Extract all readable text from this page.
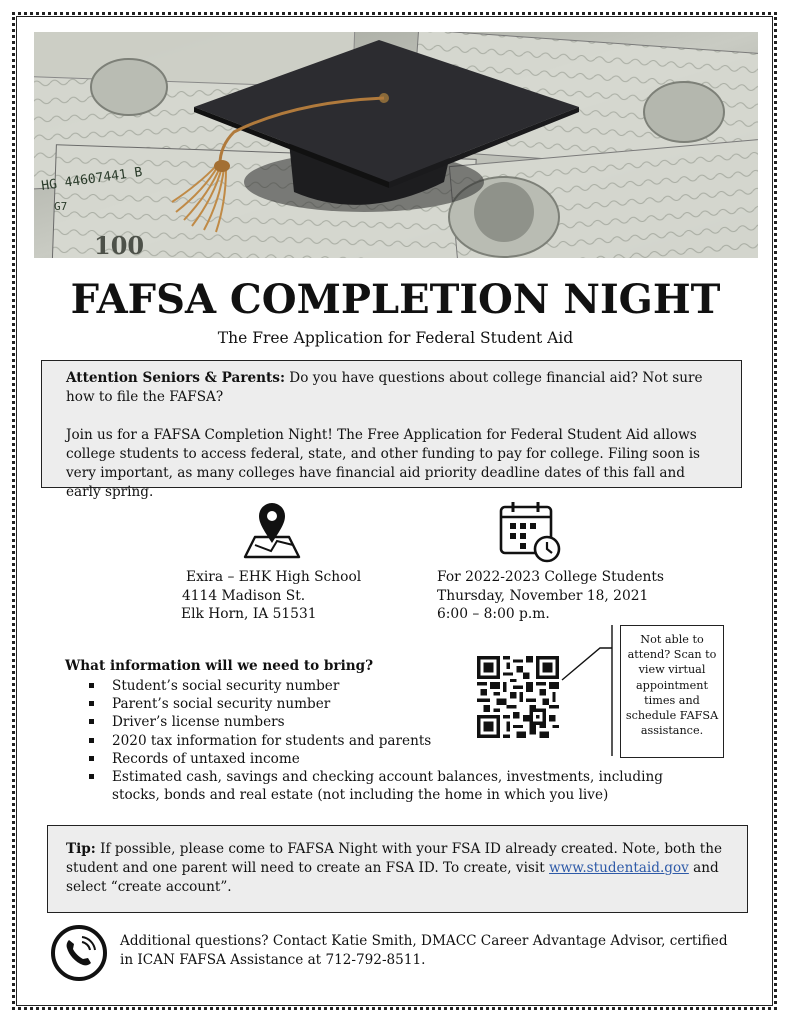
HG 44607441 B
G7
100
FAFSA COMPLETION NIGHT
The Free Application for Federal Student Aid

Attention Seniors & Parents: Do you have questions about college financial aid? Not sure how to file the FAFSA?

Join us for a FAFSA Completion Night! The Free Application for Federal Student Aid allows college students to access federal, state, and other funding to pay for college. Filing soon is very important, as many colleges have financial aid priority deadline dates of this fall and early spring.

Exira – EHK High School
4114 Madison St.
Elk Horn, IA 51531
For 2022-2023 College Students
Thursday, November 18, 2021
6:00 – 8:00 p.m.
What information will we need to bring?
Student’s social security number
Parent’s social security number
Driver’s license numbers
2020 tax information for students and parents
Records of untaxed income
Estimated cash, savings and checking account balances, investments, including stocks, bonds and real estate (not including the home in which you live)
Not able to attend? Scan to view virtual appointment times and schedule FAFSA assistance.
Tip: If possible, please come to FAFSA Night with your FSA ID already created. Note, both the student and one parent will need to create an FSA ID. To create, visit www.studentaid.gov and select “create account”.
Additional questions? Contact Katie Smith, DMACC Career Advantage Advisor, certified in ICAN FAFSA Assistance at 712-792-8511.
